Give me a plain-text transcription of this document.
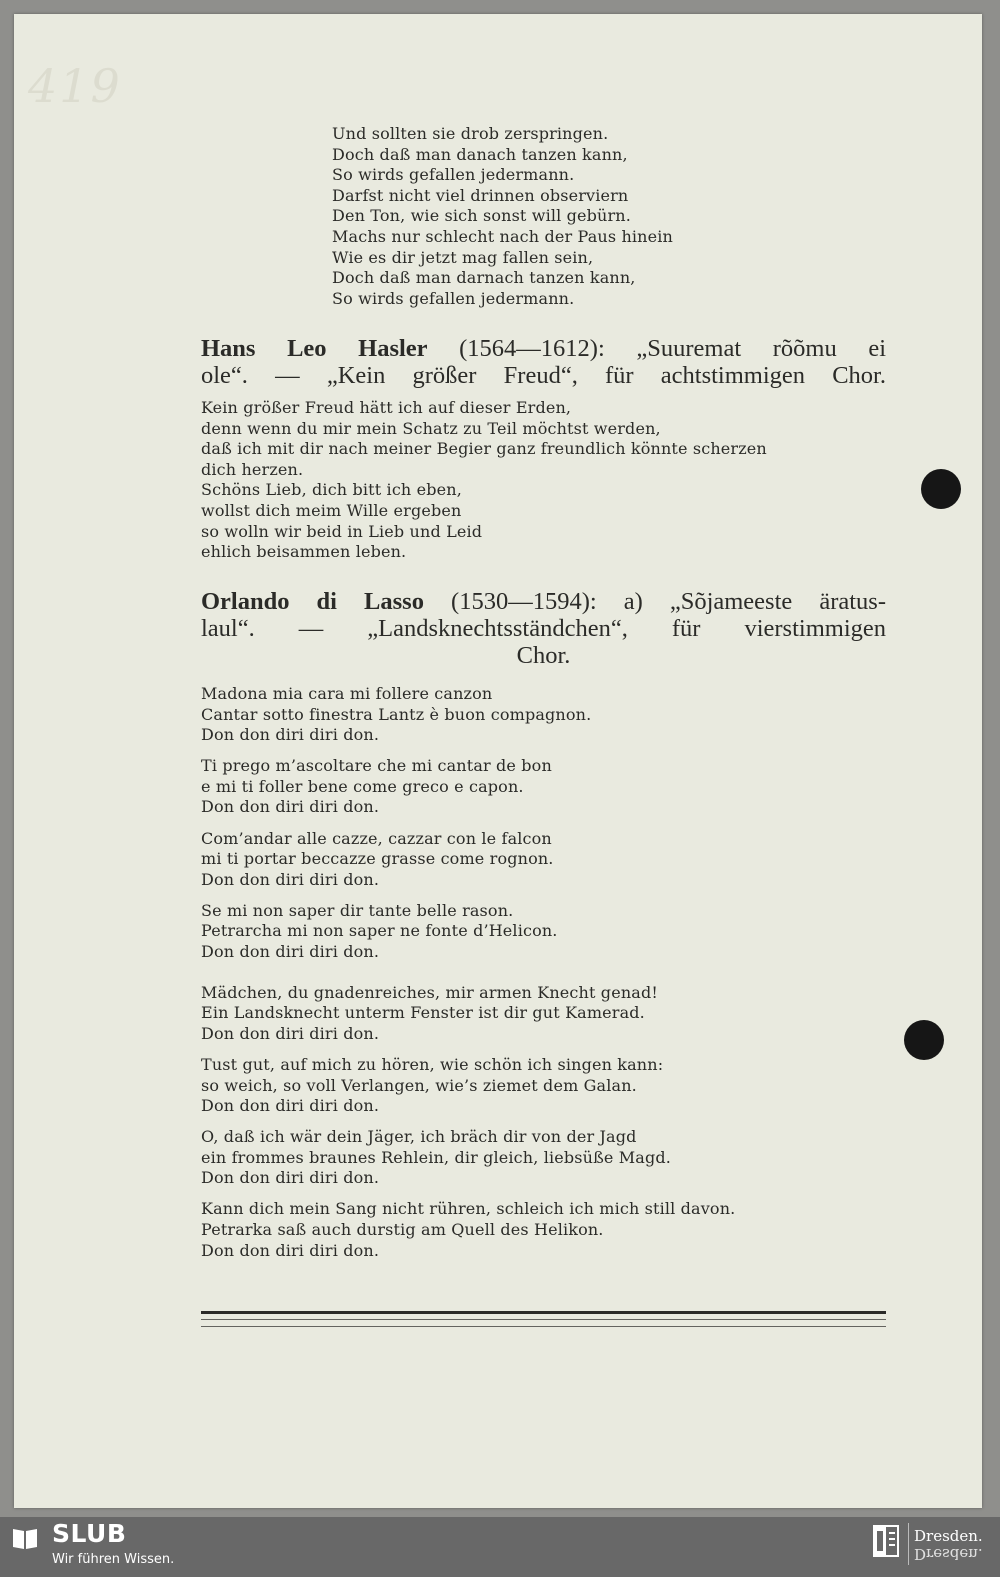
419
Und sollten sie drob zerspringen.
Doch daß man danach tanzen kann,
So wirds gefallen jedermann.
Darfst nicht viel drinnen observiern
Den Ton, wie sich sonst will gebürn.
Machs nur schlecht nach der Paus hinein
Wie es dir jetzt mag fallen sein,
Doch daß man darnach tanzen kann,
So wirds gefallen jedermann.
Hans Leo Hasler (1564—1612): „Suuremat rõõmu ei
ole“. — „Kein größer Freud“, für achtstimmigen Chor.
Kein größer Freud hätt ich auf dieser Erden,
denn wenn du mir mein Schatz zu Teil möchtst werden,
daß ich mit dir nach meiner Begier ganz freundlich könnte scherzen
dich herzen.
Schöns Lieb, dich bitt ich eben,
wollst dich meim Wille ergeben
so wolln wir beid in Lieb und Leid
ehlich beisammen leben.
Orlando di Lasso (1530—1594): a) „Sõjameeste äratus-
laul“. — „Landsknechtsständchen“, für vierstimmigen
Chor.
Madona mia cara mi follere canzon
Cantar sotto finestra Lantz è buon compagnon.
Don don diri diri don.
Ti prego m’ascoltare che mi cantar de bon
e mi ti foller bene come greco e capon.
Don don diri diri don.
Com’andar alle cazze, cazzar con le falcon
mi ti portar beccazze grasse come rognon.
Don don diri diri don.
Se mi non saper dir tante belle rason.
Petrarcha mi non saper ne fonte d’Helicon.
Don don diri diri don.
Mädchen, du gnadenreiches, mir armen Knecht genad!
Ein Landsknecht unterm Fenster ist dir gut Kamerad.
Don don diri diri don.
Tust gut, auf mich zu hören, wie schön ich singen kann:
so weich, so voll Verlangen, wie’s ziemet dem Galan.
Don don diri diri don.
O, daß ich wär dein Jäger, ich bräch dir von der Jagd
ein frommes braunes Rehlein, dir gleich, liebsüße Magd.
Don don diri diri don.
Kann dich mein Sang nicht rühren, schleich ich mich still davon.
Petrarka saß auch durstig am Quell des Helikon.
Don don diri diri don.
SLUB
Wir führen Wissen.
Dresden.
Dresden.
